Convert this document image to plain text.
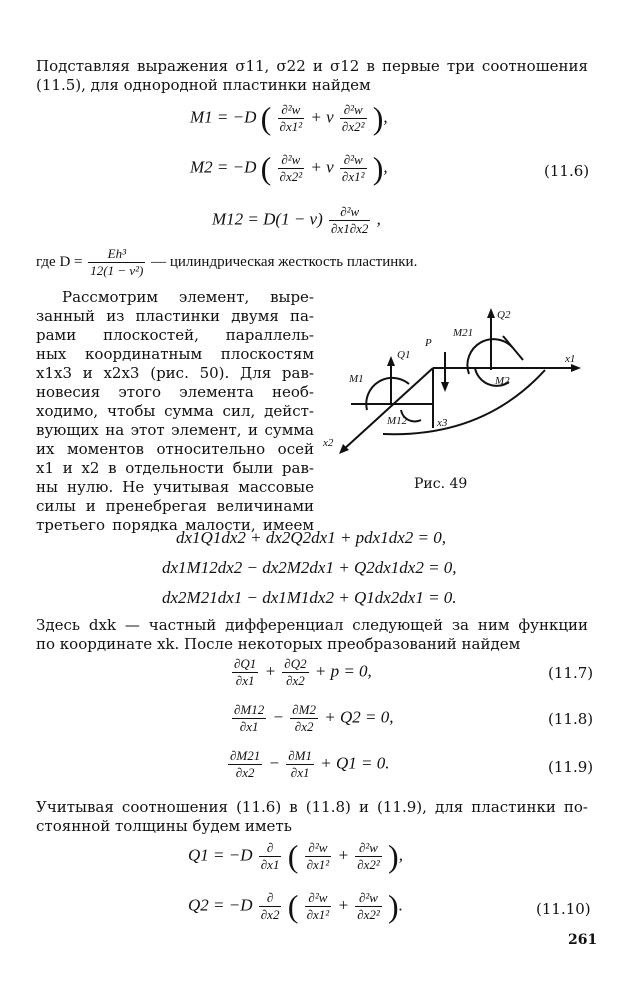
Подставляя выражения σ11, σ22 и σ12 в первые три соотношения

(11.5), для однородной пластинки найдем

M1 = −D ( $\frac{\text{∂²w}}{\text{∂x1²}} + \nu \frac{\text{∂²w}}{\text{∂x2²}}$ ),
M2 = −D ( $\frac{\text{∂²w}}{\text{∂x2²}} + \nu \frac{\text{∂²w}}{\text{∂x1²}}$ ),	(11.6)
$M12 = D(1 - \nu) \frac{\text{∂²w}}{\partial x1\partial x2}$ ,
где $D = \frac{\text{Eh³}}{\text{12(1 − ν²)}}$ — цилиндрическая жесткость пластинки.

Рассмотрим элемент, выре-

занный из пластинки двумя па-

рами плоскостей, параллель-

ных координатным плоскостям

x1x3 и x2x3 (рис. 50). Для рав-

новесия этого элемента необ-

ходимо, чтобы сумма сил, дейст-

вующих на этот элемент, и сумма

их моментов относительно осей

x1 и x2 в отдельности были рав-

ны нулю. Не учитывая массовые

силы и пренебрегая величинами

третьего порядка малости, имеем

Q1
Q2
P
M1	M2
M12
M21
x1
x2
x3
Рис. 49
dx1Q1dx2 + dx2Q2dx1 + pdx1dx2 = 0,
dx1M12dx2 − dx2M2dx1 + Q2dx1dx2 = 0,
dx2M21dx1 − dx1M1dx2 + Q1dx2dx1 = 0.

Здесь dxk — частный дифференциал следующей за ним функции

по координате xk. После некоторых преобразований найдем

$\frac{\partial Q1}{\partial x1} + \frac{\partial Q2}{\partial x2} + p = 0$,	(11.7)
$\frac{\partial M12}{\partial x1} - \frac{\partial M2}{\partial x2} + Q2 = 0$,	(11.8)
$\frac{\partial M21}{\partial x2} - \frac{\partial M1}{\partial x1} + Q1 = 0$.	(11.9)

Учитывая соотношения (11.6) в (11.8) и (11.9), для пластинки по-

стоянной толщины будем иметь

$Q1 = -D \frac{\partial}{\partial x1}$ ( $\frac{\text{∂²w}}{\text{∂x1²}} + \frac{\text{∂²w}}{\text{∂x2²}}$ ),
$Q2 = -D \frac{\partial}{\partial x2}$ ( $\frac{\text{∂²w}}{\text{∂x1²}} + \frac{\text{∂²w}}{\text{∂x2²}}$ ).	(11.10)
261
